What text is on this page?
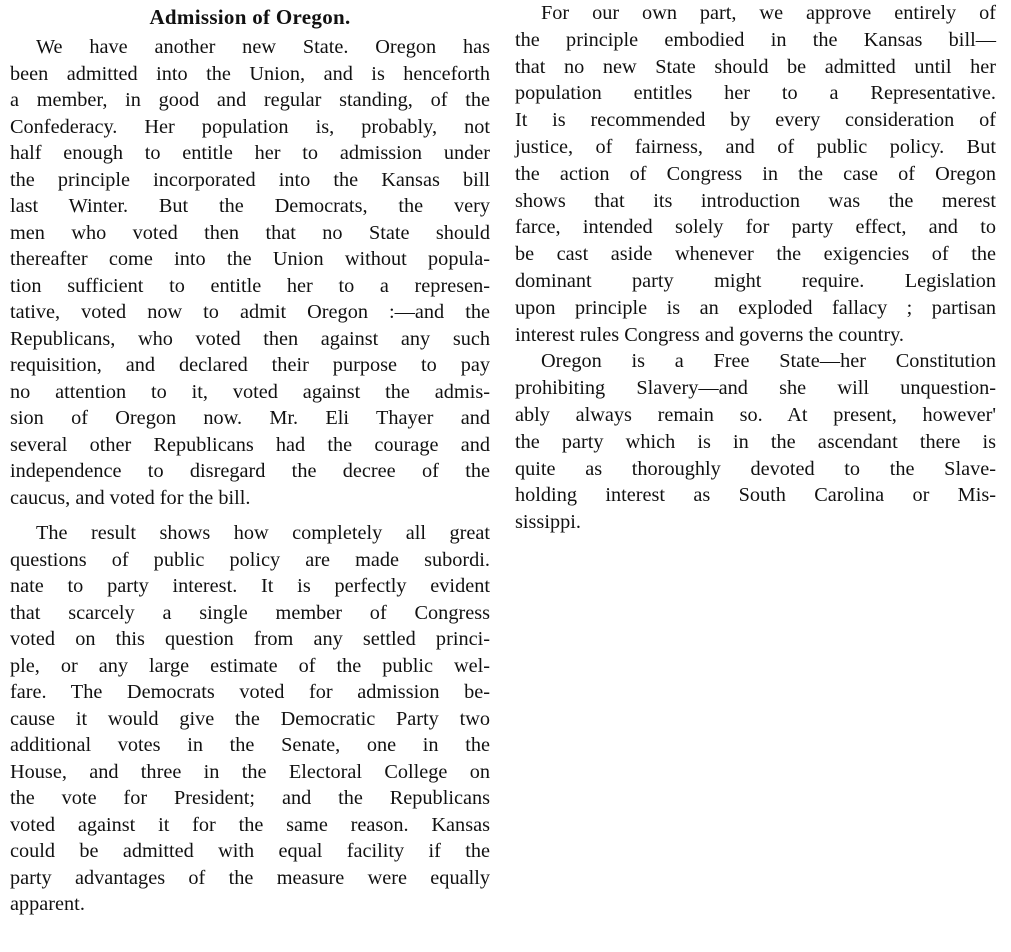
Admission of Oregon.
We have another new State. Oregon has
been admitted into the Union, and is henceforth
a member, in good and regular standing, of the
Confederacy. Her population is, probably, not
half enough to entitle her to admission under
the principle incorporated into the Kansas bill
last Winter. But the Democrats, the very
men who voted then that no State should
thereafter come into the Union without popula-
tion sufficient to entitle her to a represen-
tative, voted now to admit Oregon :—and the
Republicans, who voted then against any such
requisition, and declared their purpose to pay
no attention to it, voted against the admis-
sion of Oregon now. Mr. Eli Thayer and
several other Republicans had the courage and
independence to disregard the decree of the
caucus, and voted for the bill.
The result shows how completely all great
questions of public policy are made subordi.
nate to party interest. It is perfectly evident
that scarcely a single member of Congress
voted on this question from any settled princi-
ple, or any large estimate of the public wel-
fare. The Democrats voted for admission be-
cause it would give the Democratic Party two
additional votes in the Senate, one in the
House, and three in the Electoral College on
the vote for President; and the Republicans
voted against it for the same reason. Kansas
could be admitted with equal facility if the
party advantages of the measure were equally
apparent.
For our own part, we approve entirely of
the principle embodied in the Kansas bill—
that no new State should be admitted until her
population entitles her to a Representative.
It is recommended by every consideration of
justice, of fairness, and of public policy. But
the action of Congress in the case of Oregon
shows that its introduction was the merest
farce, intended solely for party effect, and to
be cast aside whenever the exigencies of the
dominant party might require. Legislation
upon principle is an exploded fallacy ; partisan
interest rules Congress and governs the country.
Oregon is a Free State—her Constitution
prohibiting Slavery—and she will unquestion-
ably always remain so. At present, however'
the party which is in the ascendant there is
quite as thoroughly devoted to the Slave-
holding interest as South Carolina or Mis-
sissippi.
